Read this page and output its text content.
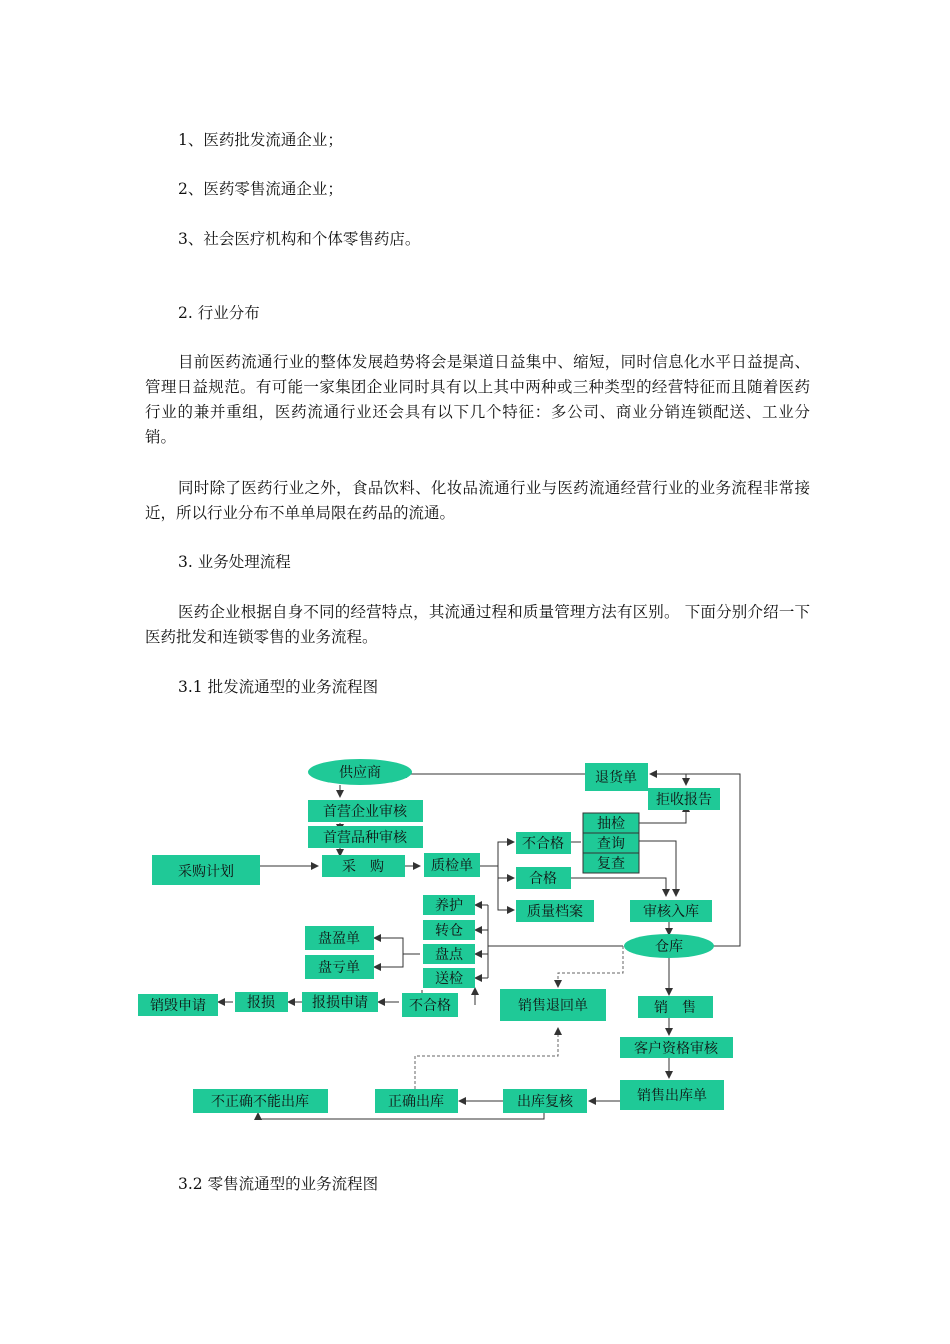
1、医药批发流通企业；
2、医药零售流通企业；
3、社会医疗机构和个体零售药店。
2. 行业分布
目前医药流通行业的整体发展趋势将会是渠道日益集中、缩短，同时信息化水平日益提高、管理日益规范。有可能一家集团企业同时具有以上其中两种或三种类型的经营特征而且随着医药行业的兼并重组，医药流通行业还会具有以下几个特征：多公司、商业分销连锁配送、工业分销。
同时除了医药行业之外，食品饮料、化妆品流通行业与医药流通经营行业的业务流程非常接近，所以行业分布不单单局限在药品的流通。
3. 业务处理流程
医药企业根据自身不同的经营特点，其流通过程和质量管理方法有区别。 下面分别介绍一下医药批发和连锁零售的业务流程。
3.1 批发流通型的业务流程图
供应商
首营企业审核
首营品种审核
采购计划	采　购	质检单
不合格
合格
质量档案
抽检
查询
复查
拒收报告
退货单
审核入库
仓库
养护
转仓
盘点
送检
盘盈单
盘亏单
不合格
报损申请
报损
销毁申请	销售退回单	销　售
客户资格审核
销售出库单
出库复核
正确出库
不正确不能出库
3.2 零售流通型的业务流程图
